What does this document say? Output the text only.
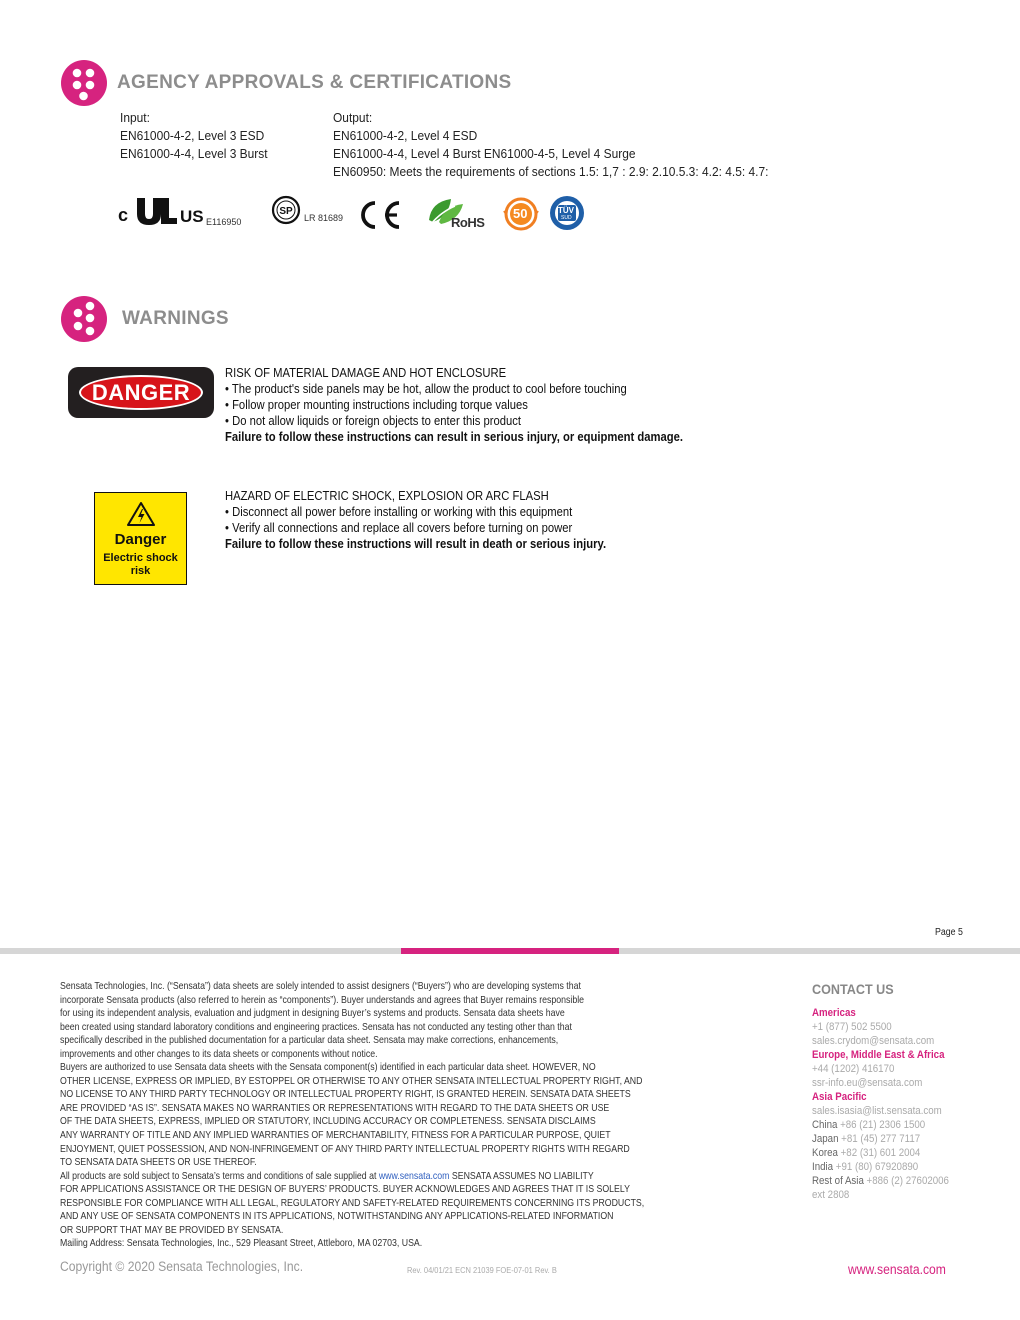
AGENCY APPROVALS & CERTIFICATIONS
Input:
EN61000-4-2, Level 3 ESD
EN61000-4-4, Level 3 Burst
Output:
EN61000-4-2, Level 4 ESD
EN61000-4-4, Level 4 Burst EN61000-4-5, Level 4 Surge
EN60950: Meets the requirements of sections 1.5: 1,7 : 2.9: 2.10.5.3: 4.2: 4.5: 4.7:
c	US E116950
SP
LR 81689	RoHS
50	TÜV
SUD
WARNINGS
DANGER
RISK OF MATERIAL DAMAGE AND HOT ENCLOSURE
• The product's side panels may be hot, allow the product to cool before touching
• Follow proper mounting instructions including torque values
• Do not allow liquids or foreign objects to enter this product
Failure to follow these instructions can result in serious injury, or equipment damage.
Danger
Electric shock
risk
HAZARD OF ELECTRIC SHOCK, EXPLOSION OR ARC FLASH
• Disconnect all power before installing or working with this equipment
• Verify all connections and replace all covers before turning on power
Failure to follow these instructions will result in death or serious injury.
Page 5
Sensata Technologies, Inc. (“Sensata”) data sheets are solely intended to assist designers (“Buyers”) who are developing systems that
incorporate Sensata products (also referred to herein as “components”). Buyer understands and agrees that Buyer remains responsible
for using its independent analysis, evaluation and judgment in designing Buyer’s systems and products. Sensata data sheets have
been created using standard laboratory conditions and engineering practices. Sensata has not conducted any testing other than that
specifically described in the published documentation for a particular data sheet. Sensata may make corrections, enhancements,
improvements and other changes to its data sheets or components without notice.
Buyers are authorized to use Sensata data sheets with the Sensata component(s) identified in each particular data sheet. HOWEVER, NO
OTHER LICENSE, EXPRESS OR IMPLIED, BY ESTOPPEL OR OTHERWISE TO ANY OTHER SENSATA INTELLECTUAL PROPERTY RIGHT, AND
NO LICENSE TO ANY THIRD PARTY TECHNOLOGY OR INTELLECTUAL PROPERTY RIGHT, IS GRANTED HEREIN. SENSATA DATA SHEETS
ARE PROVIDED “AS IS”. SENSATA MAKES NO WARRANTIES OR REPRESENTATIONS WITH REGARD TO THE DATA SHEETS OR USE
OF THE DATA SHEETS, EXPRESS, IMPLIED OR STATUTORY, INCLUDING ACCURACY OR COMPLETENESS. SENSATA DISCLAIMS
ANY WARRANTY OF TITLE AND ANY IMPLIED WARRANTIES OF MERCHANTABILITY, FITNESS FOR A PARTICULAR PURPOSE, QUIET
ENJOYMENT, QUIET POSSESSION, AND NON-INFRINGEMENT OF ANY THIRD PARTY INTELLECTUAL PROPERTY RIGHTS WITH REGARD
TO SENSATA DATA SHEETS OR USE THEREOF.
All products are sold subject to Sensata’s terms and conditions of sale supplied at www.sensata.com SENSATA ASSUMES NO LIABILITY
FOR APPLICATIONS ASSISTANCE OR THE DESIGN OF BUYERS’ PRODUCTS. BUYER ACKNOWLEDGES AND AGREES THAT IT IS SOLELY
RESPONSIBLE FOR COMPLIANCE WITH ALL LEGAL, REGULATORY AND SAFETY-RELATED REQUIREMENTS CONCERNING ITS PRODUCTS,
AND ANY USE OF SENSATA COMPONENTS IN ITS APPLICATIONS, NOTWITHSTANDING ANY APPLICATIONS-RELATED INFORMATION
OR SUPPORT THAT MAY BE PROVIDED BY SENSATA.
Mailing Address: Sensata Technologies, Inc., 529 Pleasant Street, Attleboro, MA 02703, USA.
CONTACT US
Americas
+1 (877) 502 5500
sales.crydom@sensata.com
Europe, Middle East & Africa
+44 (1202) 416170
ssr-info.eu@sensata.com
Asia Pacific
sales.isasia@list.sensata.com
China +86 (21) 2306 1500
Japan +81 (45) 277 7117
Korea +82 (31) 601 2004
India +91 (80) 67920890
Rest of Asia +886 (2) 27602006
ext 2808
Copyright © 2020 Sensata Technologies, Inc.	Rev. 04/01/21 ECN 21039 FOE-07-01 Rev. B	www.sensata.com
